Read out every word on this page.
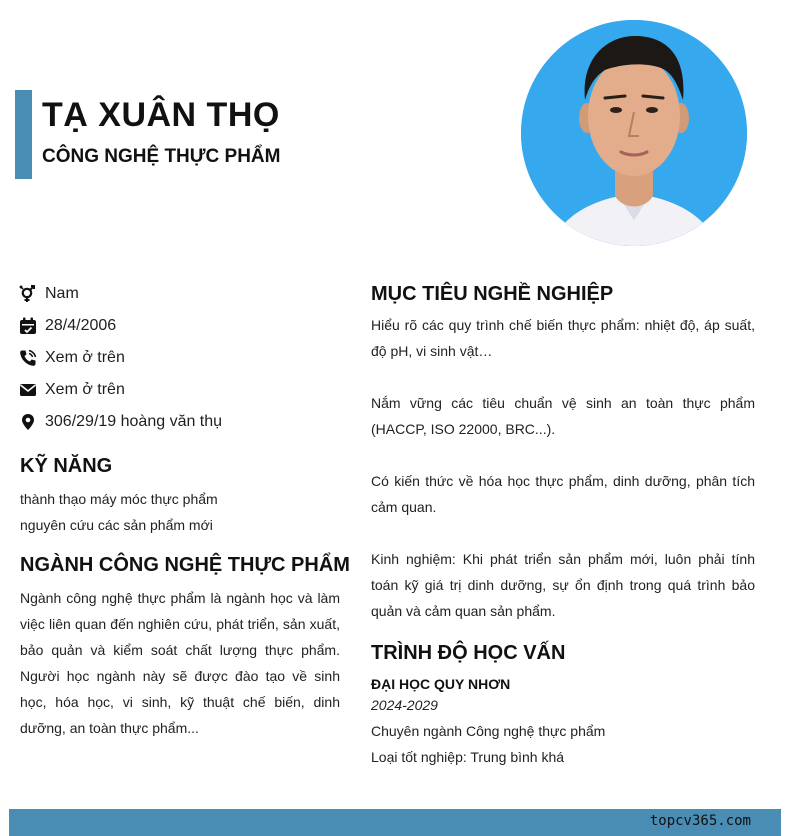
TẠ XUÂN THỌ
CÔNG NGHỆ THỰC PHẨM
Nam
28/4/2006
Xem ở trên
Xem ở trên
306/29/19 hoàng văn thụ
KỸ NĂNG
thành thạo máy móc thực phẩm
nguyên cứu các sản phẩm mới
NGÀNH CÔNG NGHỆ THỰC PHẨM

Ngành công nghệ thực phẩm là ngành học và làm việc liên quan đến nghiên cứu, phát triển, sản xuất, bảo quản và kiểm soát chất lượng thực phẩm. Người học ngành này sẽ được đào tạo về sinh học, hóa học, vi sinh, kỹ thuật chế biến, dinh dưỡng, an toàn thực phẩm...

MỤC TIÊU NGHỀ NGHIỆP

Hiểu rõ các quy trình chế biến thực phẩm: nhiệt độ, áp suất, độ pH, vi sinh vật…

Nắm vững các tiêu chuẩn vệ sinh an toàn thực phẩm (HACCP, ISO 22000, BRC...).

Có kiến thức về hóa học thực phẩm, dinh dưỡng, phân tích cảm quan.

Kinh nghiệm: Khi phát triển sản phẩm mới, luôn phải tính toán kỹ giá trị dinh dưỡng, sự ổn định trong quá trình bảo quản và cảm quan sản phẩm.

TRÌNH ĐỘ HỌC VẤN
ĐẠI HỌC QUY NHƠN
2024-2029
Chuyên ngành Công nghệ thực phẩm
Loại tốt nghiệp: Trung bình khá
topcv365.com
